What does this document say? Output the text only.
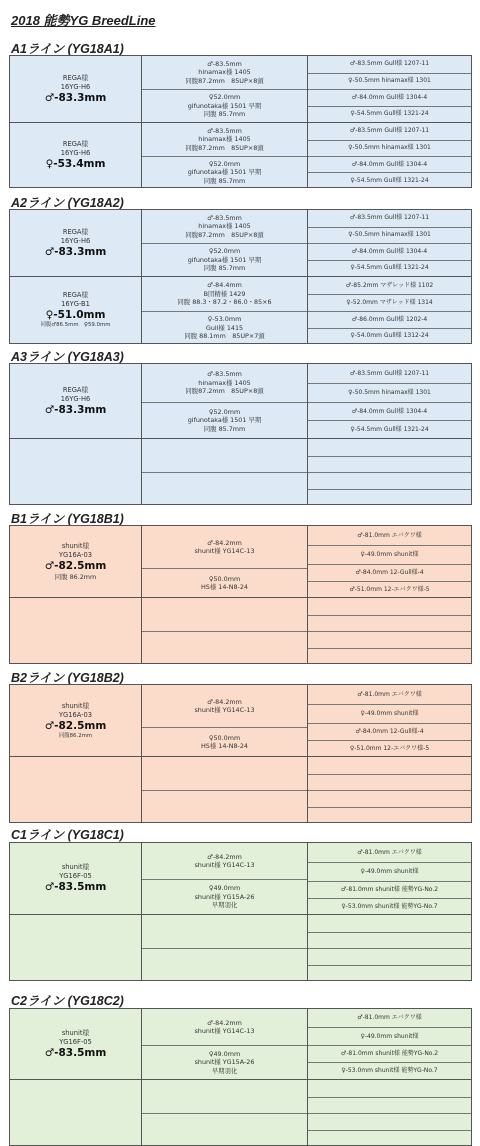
2018 能勢YG BreedLine
A1ライン (YG18A1)
REGA様
16YG-H6
♂-83.3mm
♂-83.5mm
hinamax様 1405
同腹87.2mm　85UP×8頭
♀52.0mm
gifunotaka様 1501 早期
同腹 85.7mm
♂-83.5mm Gull様 1207-11
♀-50.5mm hinamax様 1301
♂-84.0mm Gull様 1304-4
♀-54.5mm Gull様 1321-24
REGA様
16YG-H6
♀-53.4mm
♂-83.5mm
hinamax様 1405
同腹87.2mm　85UP×8頭
♀52.0mm
gifunotaka様 1501 早期
同腹 85.7mm
♂-83.5mm Gull様 1207-11
♀-50.5mm hinamax様 1301
♂-84.0mm Gull様 1304-4
♀-54.5mm Gull様 1321-24
A2ライン (YG18A2)
REGA様
16YG-H6
♂-83.3mm
♂-83.5mm
hinamax様 1405
同腹87.2mm　85UP×8頭
♀52.0mm
gifunotaka様 1501 早期
同腹 85.7mm
♂-83.5mm Gull様 1207-11
♀-50.5mm hinamax様 1301
♂-84.0mm Gull様 1304-4
♀-54.5mm Gull様 1321-24
REGA様
16YG-B1
♀-51.0mm
同腹♂86.5mm　♀59.0mm
♂-84.4mm
B団精様 1429
同腹 88.3・87.2・86.0・85×6
♀-53.0mm
Gull様 1415
同腹 88.1mm　85UP×7頭
♂-85.2mm マザレッド様 1102
♀-52.0mm マザレッド様 1314
♂-86.0mm Gull様 1202-4
♀-54.0mm Gull様 1312-24
A3ライン (YG18A3)
REGA様
16YG-H6
♂-83.3mm
♂-83.5mm
hinamax様 1405
同腹87.2mm　85UP×8頭
♀52.0mm
gifunotaka様 1501 早期
同腹 85.7mm
♂-83.5mm Gull様 1207-11
♀-50.5mm hinamax様 1301
♂-84.0mm Gull様 1304-4
♀-54.5mm Gull様 1321-24
B1ライン (YG18B1)
shunit様
YG16A-03
♂-82.5mm
同腹 86.2mm
♂-84.2mm
shunit様 YG14C-13
♀50.0mm
HS様 14-N8-24
♂-81.0mm エバクワ様
♀-49.0mm shunit様
♂-84.0mm 12-Gull様-4
♂-51.0mm 12-エバクワ様-5
B2ライン (YG18B2)
shunit様
YG16A-03
♂-82.5mm
同腹86.2mm
♂-84.2mm
shunit様 YG14C-13
♀50.0mm
HS様 14-N8-24
♂-81.0mm エバクワ様
♀-49.0mm shunit様
♂-84.0mm 12-Gull様-4
♀-51.0mm 12-エバクワ様-5
C1ライン (YG18C1)
shunit様
YG16F-05
♂-83.5mm
♂-84.2mm
shunit様 YG14C-13
♀49.0mm
shunit様 YG15A-26
早期羽化
♂-81.0mm エバクワ様
♀-49.0mm shunit様
♂-81.0mm shunit様 能勢YG-No.2
♀-53.0mm shunit様 能勢YG-No.7
C2ライン (YG18C2)
shunit様
YG16F-05
♂-83.5mm
♂-84.2mm
shunit様 YG14C-13
♀49.0mm
shunit様 YG15A-26
早期羽化
♂-81.0mm エバクワ様
♀-49.0mm shunit様
♂-81.0mm shunit様 能勢YG-No.2
♀-53.0mm shunit様 能勢YG-No.7
